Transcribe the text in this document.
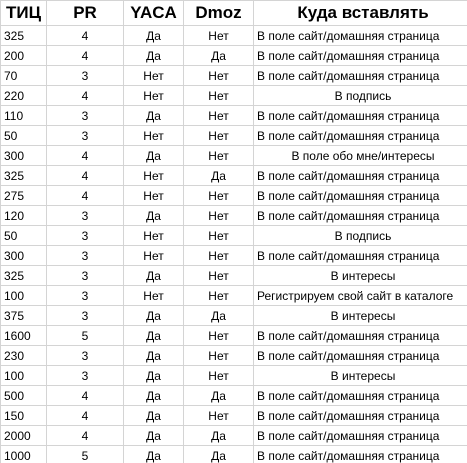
ТИЦ	PR	YACA	Dmoz	Куда вставлять
325	4	Да	Нет	В поле сайт/домашняя страница
200	4	Да	Да	В поле сайт/домашняя страница
70	3	Нет	Нет	В поле сайт/домашняя страница
220	4	Нет	Нет	В подпись
110	3	Да	Нет	В поле сайт/домашняя страница
50	3	Нет	Нет	В поле сайт/домашняя страница
300	4	Да	Нет	В поле обо мне/интересы
325	4	Нет	Да	В поле сайт/домашняя страница
275	4	Нет	Нет	В поле сайт/домашняя страница
120	3	Да	Нет	В поле сайт/домашняя страница
50	3	Нет	Нет	В подпись
300	3	Нет	Нет	В поле сайт/домашняя страница
325	3	Да	Нет	В интересы
100	3	Нет	Нет	Регистрируем свой сайт в каталоге
375	3	Да	Да	В интересы
1600	5	Да	Нет	В поле сайт/домашняя страница
230	3	Да	Нет	В поле сайт/домашняя страница
100	3	Да	Нет	В интересы
500	4	Да	Да	В поле сайт/домашняя страница
150	4	Да	Нет	В поле сайт/домашняя страница
2000	4	Да	Да	В поле сайт/домашняя страница
1000	5	Да	Да	В поле сайт/домашняя страница
